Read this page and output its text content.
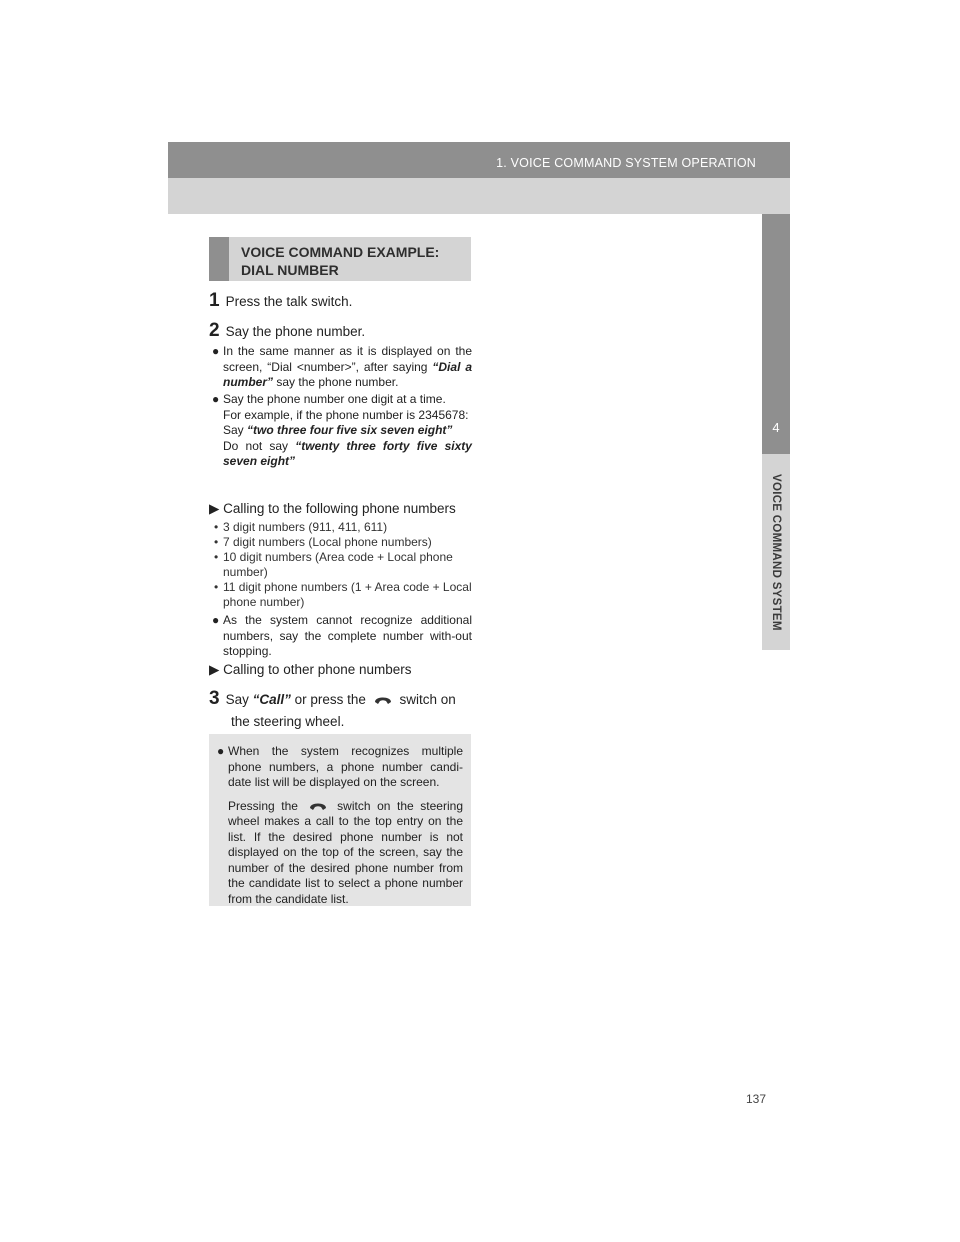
1. VOICE COMMAND SYSTEM OPERATION
4
VOICE COMMAND SYSTEM
VOICE COMMAND EXAMPLE:
DIAL NUMBER
1 Press the talk switch.
2 Say the phone number.
● In the same manner as it is displayed on the screen, “Dial <number>”, after saying “Dial a number” say the phone number.
● Say the phone number one digit at a time.
For example, if the phone number is 2345678:
Say “two three four five six seven eight”
Do not say “twenty three forty five sixty seven eight”
▶ Calling to the following phone numbers
• 3 digit numbers (911, 411, 611)
• 7 digit numbers (Local phone numbers)
• 10 digit numbers (Area code + Local phone number)
• 11 digit phone numbers (1 + Area code + Local phone number)
● As the system cannot recognize additional numbers, say the complete number with-out stopping.
▶ Calling to other phone numbers
3 Say “Call” or press the switch on
the steering wheel.
● When the system recognizes multiple phone numbers, a phone number candi-date list will be displayed on the screen.
Pressing the	switch on the steering wheel makes a call to the top entry on the list. If the desired phone number is not displayed on the top of the screen, say the number of the desired phone number from the candidate list to select a phone number from the candidate list.
137
